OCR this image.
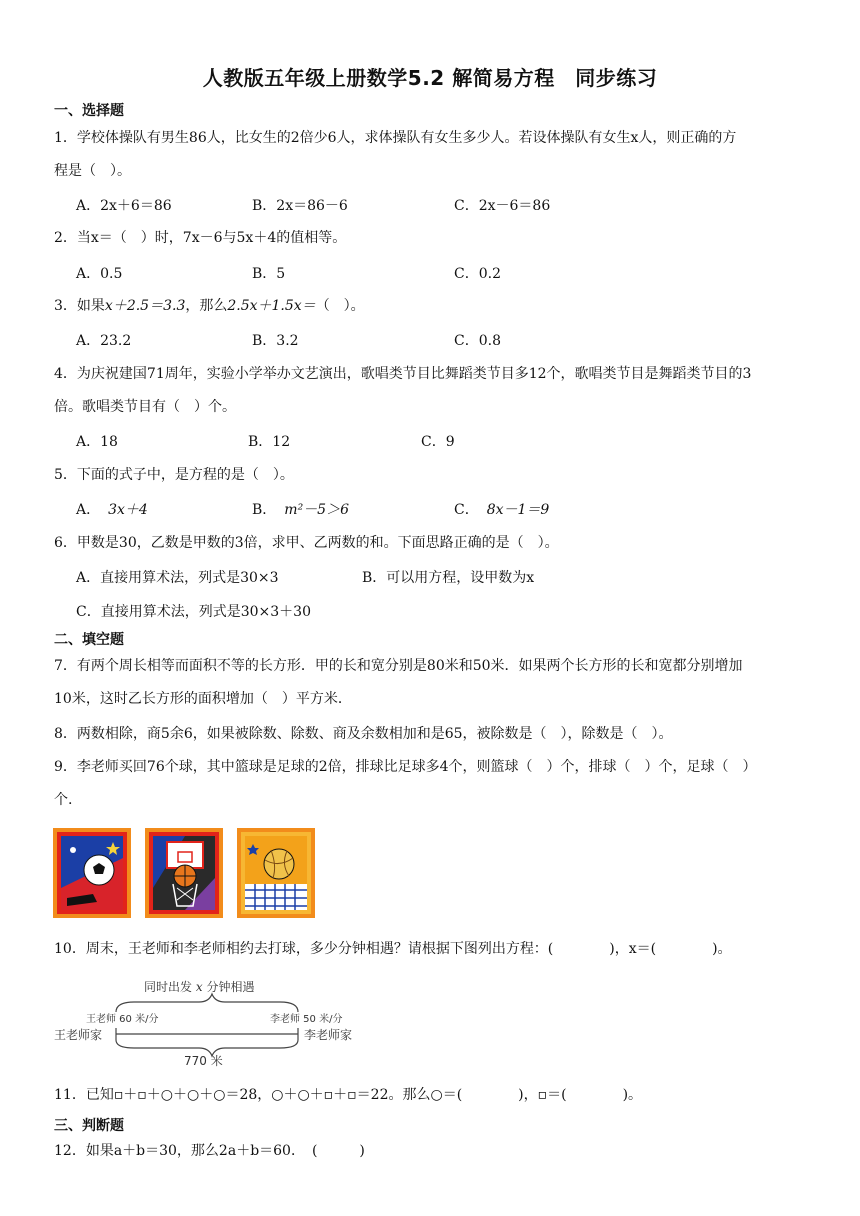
人教版五年级上册数学5.2 解简易方程　同步练习
一、选择题
1．学校体操队有男生86人，比女生的2倍少6人，求体操队有女生多少人。若设体操队有女生x人，则正确的方
程是（　）。
A．2x＋6＝86	B．2x＝86－6	C．2x－6＝86
2．当x＝（　）时，7x－6与5x＋4的值相等。
A．0.5	B．5	C．0.2
3．如果x＋2.5＝3.3，那么2.5x＋1.5x＝（　）。
A．23.2	B．3.2	C．0.8
4．为庆祝建国71周年，实验小学举办文艺演出，歌唱类节目比舞蹈类节目多12个，歌唱类节目是舞蹈类节目的3
倍。歌唱类节目有（　）个。
A．18	B．12	C．9
5．下面的式子中，是方程的是（　）。
A． 3x＋4	B． m²－5＞6	C． 8x－1＝9
6．甲数是30，乙数是甲数的3倍，求甲、乙两数的和。下面思路正确的是（　）。
A．直接用算术法，列式是30×3	B．可以用方程，设甲数为x
C．直接用算术法，列式是30×3＋30
二、填空题
7．有两个周长相等而面积不等的长方形．甲的长和宽分别是80米和50米．如果两个长方形的长和宽都分别增加
10米，这时乙长方形的面积增加（　）平方米．
8．两数相除，商5余6，如果被除数、除数、商及余数相加和是65，被除数是（　），除数是（　）。
9．李老师买回76个球，其中篮球是足球的2倍，排球比足球多4个，则篮球（　）个，排球（　）个，足球（　）
个.
10．周末，王老师和李老师相约去打球，多少分钟相遇？请根据下图列出方程：(　　　　)，x＝(　　　　)。
同时出发 x 分钟相遇
王老师 60 米/分	李老师 50 米/分
王老师家	李老师家
770 米
11．已知▫＋▫＋○＋○＋○＝28，○＋○＋▫＋▫＝22。那么○＝(　　　　)，▫＝(　　　　)。
三、判断题
12．如果a＋b＝30，那么2a＋b＝60．　(　　　)
